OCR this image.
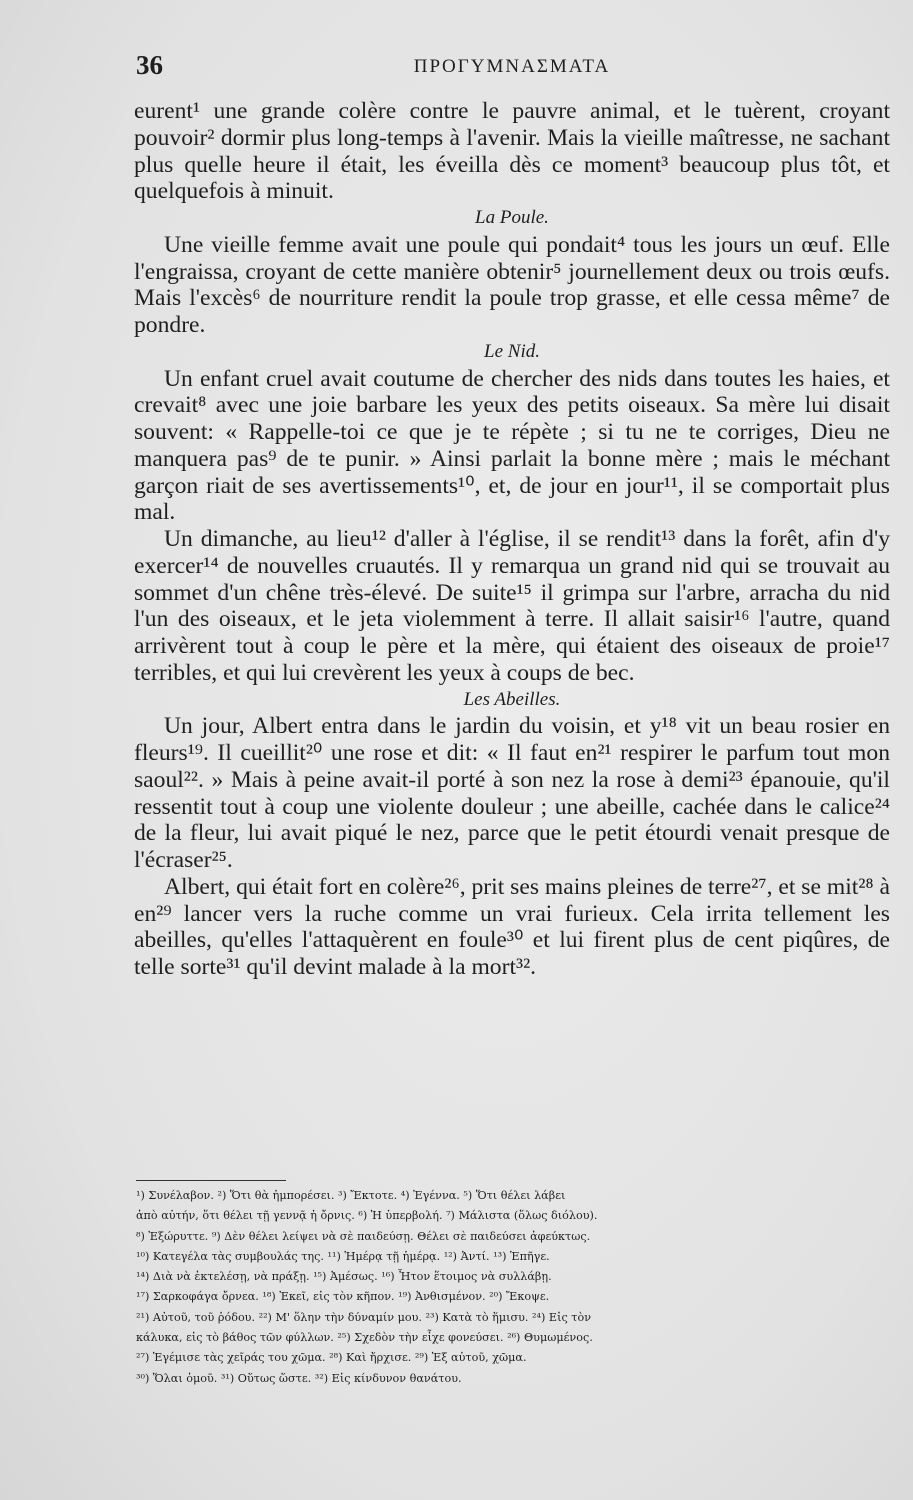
36	ΠΡΟΓΥΜΝΑΣΜΑΤΑ

eurent¹ une grande colère contre le pauvre animal, et le tuèrent, croyant pouvoir² dormir plus long-temps à l'avenir. Mais la vieille maîtresse, ne sachant plus quelle heure il était, les éveilla dès ce moment³ beaucoup plus tôt, et quelquefois à minuit.

La Poule.

Une vieille femme avait une poule qui pondait⁴ tous les jours un œuf. Elle l'engraissa, croyant de cette manière obtenir⁵ journellement deux ou trois œufs. Mais l'excès⁶ de nourriture rendit la poule trop grasse, et elle cessa même⁷ de pondre.

Le Nid.

Un enfant cruel avait coutume de chercher des nids dans toutes les haies, et crevait⁸ avec une joie barbare les yeux des petits oiseaux. Sa mère lui disait souvent: « Rappelle-toi ce que je te répète ; si tu ne te corriges, Dieu ne manquera pas⁹ de te punir. » Ainsi parlait la bonne mère ; mais le méchant garçon riait de ses avertissements¹⁰, et, de jour en jour¹¹, il se comportait plus mal.

Un dimanche, au lieu¹² d'aller à l'église, il se rendit¹³ dans la forêt, afin d'y exercer¹⁴ de nouvelles cruautés. Il y remarqua un grand nid qui se trouvait au sommet d'un chêne très-élevé. De suite¹⁵ il grimpa sur l'arbre, arracha du nid l'un des oiseaux, et le jeta violemment à terre. Il allait saisir¹⁶ l'autre, quand arrivèrent tout à coup le père et la mère, qui étaient des oiseaux de proie¹⁷ terribles, et qui lui crevèrent les yeux à coups de bec.

Les Abeilles.

Un jour, Albert entra dans le jardin du voisin, et y¹⁸ vit un beau rosier en fleurs¹⁹. Il cueillit²⁰ une rose et dit: « Il faut en²¹ respirer le parfum tout mon saoul²². » Mais à peine avait-il porté à son nez la rose à demi²³ épanouie, qu'il ressentit tout à coup une violente douleur ; une abeille, cachée dans le calice²⁴ de la fleur, lui avait piqué le nez, parce que le petit étourdi venait presque de l'écraser²⁵.

Albert, qui était fort en colère²⁶, prit ses mains pleines de terre²⁷, et se mit²⁸ à en²⁹ lancer vers la ruche comme un vrai furieux. Cela irrita tellement les abeilles, qu'elles l'attaquèrent en foule³⁰ et lui firent plus de cent piqûres, de telle sorte³¹ qu'il devint malade à la mort³².

¹) Συνέλαβον. ²) Ὅτι θὰ ἠμπορέσει. ³) Ἔκτοτε. ⁴) Ἐγέννα. ⁵) Ὅτι θέλει λάβει

ἀπὸ αὐτήν, ὅτι θέλει τῇ γεννᾷ ἡ ὄρνις. ⁶) Ἡ ὑπερβολή. ⁷) Μάλιστα (ὅλως διόλου).

⁸) Ἐξώρυττε. ⁹) Δὲν θέλει λείψει νὰ σὲ παιδεύσῃ. Θέλει σὲ παιδεύσει ἀφεύκτως.

¹⁰) Κατεγέλα τὰς συμβουλάς της. ¹¹) Ἡμέρᾳ τῇ ἡμέρᾳ. ¹²) Ἀντί. ¹³) Ἐπῆγε.

¹⁴) Διὰ νὰ ἐκτελέσῃ, νὰ πράξῃ. ¹⁵) Ἀμέσως. ¹⁶) Ἦτον ἕτοιμος νὰ συλλάβῃ.

¹⁷) Σαρκοφάγα ὄρνεα. ¹⁸) Ἐκεῖ, εἰς τὸν κῆπον. ¹⁹) Ἀνθισμένον. ²⁰) Ἔκοψε.

²¹) Αὐτοῦ, τοῦ ῥόδου. ²²) Μ' ὅλην τὴν δύναμίν μου. ²³) Κατὰ τὸ ἥμισυ. ²⁴) Εἰς τὸν

κάλυκα, εἰς τὸ βάθος τῶν φύλλων. ²⁵) Σχεδὸν τὴν εἶχε φονεύσει. ²⁶) Θυμωμένος.

²⁷) Ἐγέμισε τὰς χεῖράς του χῶμα. ²⁸) Καὶ ἤρχισε. ²⁹) Ἐξ αὐτοῦ, χῶμα.

³⁰) Ὅλαι ὁμοῦ. ³¹) Οὕτως ὥστε. ³²) Εἰς κίνδυνον θανάτου.
